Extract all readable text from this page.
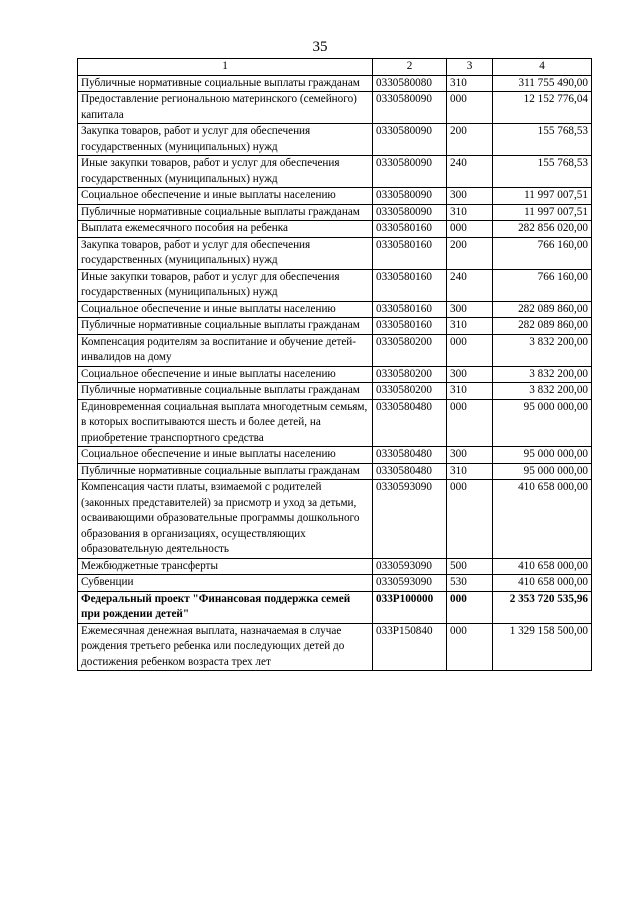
35
1	2	3	4
Публичные нормативные социальные выплаты гражданам	0330580080	310	311 755 490,00
Предоставление региональною материнского (семейного) капитала	0330580090	000	12 152 776,04
Закупка товаров, работ и услуг для обеспечения государственных (муниципальных) нужд	0330580090	200	155 768,53
Иные закупки товаров, работ и услуг для обеспечения государственных (муниципальных) нужд	0330580090	240	155 768,53
Социальное обеспечение и иные выплаты населению	0330580090	300	11 997 007,51
Публичные нормативные социальные выплаты гражданам	0330580090	310	11 997 007,51
Выплата ежемесячного пособия на ребенка	0330580160	000	282 856 020,00
Закупка товаров, работ и услуг для обеспечения государственных (муниципальных) нужд	0330580160	200	766 160,00
Иные закупки товаров, работ и услуг для обеспечения государственных (муниципальных) нужд	0330580160	240	766 160,00
Социальное обеспечение и иные выплаты населению	0330580160	300	282 089 860,00
Публичные нормативные социальные выплаты гражданам	0330580160	310	282 089 860,00
Компенсация родителям за воспитание и обучение детей-инвалидов на дому	0330580200	000	3 832 200,00
Социальное обеспечение и иные выплаты населению	0330580200	300	3 832 200,00
Публичные нормативные социальные выплаты гражданам	0330580200	310	3 832 200,00
Единовременная социальная выплата многодетным семьям, в которых воспитываются шесть и более детей, на приобретение транспортного средства	0330580480	000	95 000 000,00
Социальное обеспечение и иные выплаты населению	0330580480	300	95 000 000,00
Публичные нормативные социальные выплаты гражданам	0330580480	310	95 000 000,00
Компенсация части платы, взимаемой с родителей (законных представителей) за присмотр и уход за детьми, осваивающими образовательные программы дошкольного образования в организациях, осуществляющих образовательную деятельность	0330593090	000	410 658 000,00
Межбюджетные трансферты	0330593090	500	410 658 000,00
Субвенции	0330593090	530	410 658 000,00
Федеральный проект "Финансовая поддержка семей при рождении детей"	033P100000	000	2 353 720 535,96
Ежемесячная денежная выплата, назначаемая в случае рождения третьего ребенка или последующих детей до достижения ребенком возраста трех лет	033P150840	000	1 329 158 500,00
